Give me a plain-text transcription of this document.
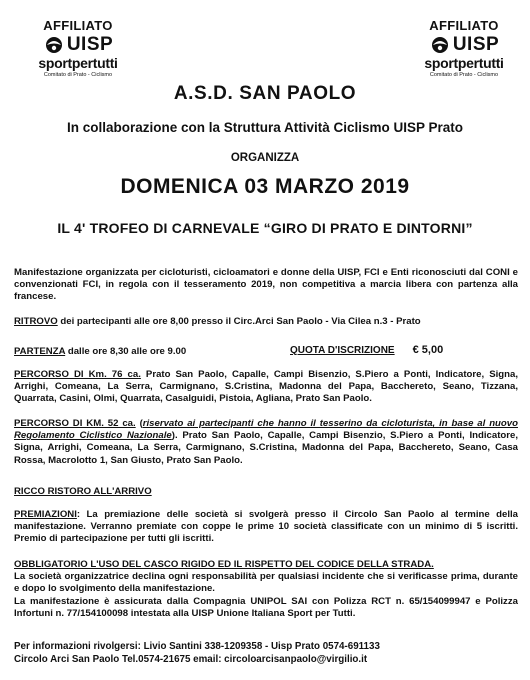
AFFILIATO
UISP
sportpertutti
Comitato di Prato - Ciclismo
AFFILIATO
UISP
sportpertutti
Comitato di Prato - Ciclismo
A.S.D. SAN PAOLO
In collaborazione con la Struttura Attività Ciclismo UISP Prato
ORGANIZZA
DOMENICA 03 MARZO 2019
IL 4' TROFEO DI CARNEVALE “GIRO DI PRATO E DINTORNI”
Manifestazione organizzata per cicloturisti, cicloamatori e donne della UISP, FCI e Enti riconosciuti dal CONI e convenzionati FCI, in regola con il tesseramento 2019, non competitiva a marcia libera con partenza alla francese.
RITROVO dei partecipanti alle ore 8,00 presso il Circ.Arci San Paolo - Via Cilea n.3 - Prato
PARTENZA dalle ore 8,30 alle ore 9.00	QUOTA D'ISCRIZIONE € 5,00
PERCORSO DI Km. 76 ca. Prato San Paolo, Capalle, Campi Bisenzio, S.Piero a Ponti, Indicatore, Signa, Arrighi, Comeana, La Serra, Carmignano, S.Cristina, Madonna del Papa, Bacchereto, Seano, Tizzana, Quarrata, Casini, Olmi, Quarrata, Casalguidi, Pistoia, Agliana, Prato San Paolo.
PERCORSO DI KM. 52 ca. (riservato ai partecipanti che hanno il tesserino da cicloturista, in base al nuovo Regolamento Ciclistico Nazionale). Prato San Paolo, Capalle, Campi Bisenzio, S.Piero a Ponti, Indicatore, Signa, Arrighi, Comeana, La Serra, Carmignano, S.Cristina, Madonna del Papa, Bacchereto, Seano, Casa Rossa, Macrolotto 1, San Giusto, Prato San Paolo.
RICCO RISTORO ALL'ARRIVO
PREMIAZIONI: La premiazione delle società si svolgerà presso il Circolo San Paolo al termine della manifestazione. Verranno premiate con coppe le prime 10 società classificate con un minimo di 5 iscritti. Premio di partecipazione per tutti gli iscritti.
OBBLIGATORIO L'USO DEL CASCO RIGIDO ED IL RISPETTO DEL CODICE DELLA STRADA.
La società organizzatrice declina ogni responsabilità per qualsiasi incidente che si verificasse prima, durante e dopo lo svolgimento della manifestazione.
La manifestazione è assicurata dalla Compagnia UNIPOL SAI con Polizza RCT n. 65/154099947 e Polizza Infortuni n. 77/154100098 intestata alla UISP Unione Italiana Sport per Tutti.
Per informazioni rivolgersi: Livio Santini 338-1209358 - Uisp Prato 0574-691133
Circolo Arci San Paolo Tel.0574-21675 email: circoloarcisanpaolo@virgilio.it
